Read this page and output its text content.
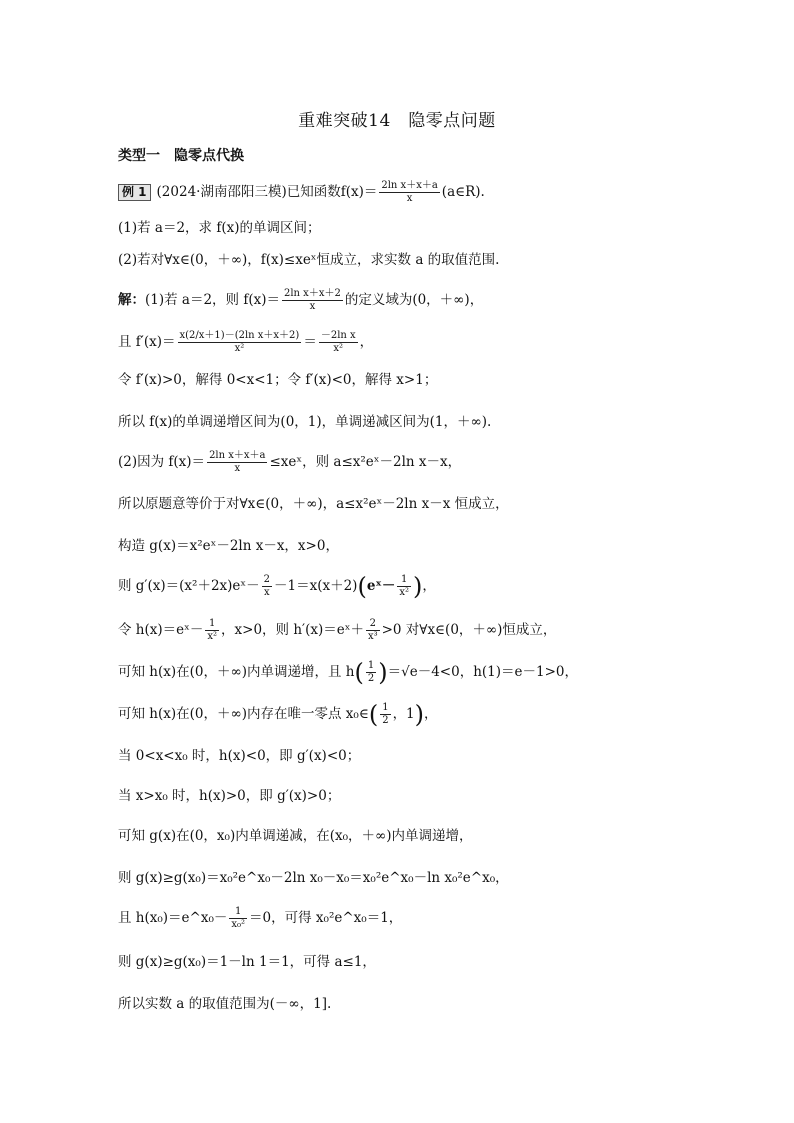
重难突破14　隐零点问题
类型一　隐零点代换
例 1 (2024·湖南邵阳三模)已知函数$f(x)= \frac{\text{2ln x＋x＋a}}{x}$ (a∈R).
(1)若 a＝2，求 f(x)的单调区间；
(2)若对∀x∈(0，＋∞)，f(x)≤xeˣ恒成立，求实数 a 的取值范围.
解：(1)若 a＝2，则 $f(x)= \frac{\text{2ln x＋x＋2}}{x}$ 的定义域为(0，＋∞)，
且 $f'(x)= \frac{\text{x(2/x＋1)－(2ln x＋x＋2)}}{\text{x²}} = \frac{\text{－2ln x}}{\text{x²}}$ ，
令 f′(x)>0，解得 0<x<1；令 f′(x)<0，解得 x>1；
所以 f(x)的单调递增区间为(0，1)，单调递减区间为(1，＋∞).
(2)因为 $f(x)= \frac{\text{2ln x＋x＋a}}{x}$ ≤xeˣ，则 a≤x²eˣ－2ln x－x，
所以原题意等价于对∀x∈(0，＋∞)，a≤x²eˣ－2ln x－x 恒成立，
构造 g(x)＝x²eˣ－2ln x－x，x>0，
则 g′(x)＝(x²＋2x)eˣ－ $\frac{2}{x}$ －1＝x(x＋2)(eˣ－ $\frac{1}{\text{x²}}$ )，
令 h(x)＝eˣ－ $\frac{1}{\text{x²}}$ ，x>0，则 h′(x)＝eˣ＋ $\frac{2}{\text{x³}} >0$ 对∀x∈(0，＋∞)恒成立，
可知 h(x)在(0，＋∞)内单调递增，且 $h( \frac{1}{2} )=√e-4<0$，h(1)＝e－1>0，
可知 h(x)在(0，＋∞)内存在唯一零点 x₀∈( $\frac{1}{2}$ ，1)，
当 0<x<x₀ 时，h(x)<0，即 g′(x)<0；
当 x>x₀ 时，h(x)>0，即 g′(x)>0；
可知 g(x)在(0，x₀)内单调递减，在(x₀，＋∞)内单调递增，
则 g(x)≥g(x₀)＝x₀²e^x₀－2ln x₀－x₀＝x₀²e^x₀－ln x₀²e^x₀，
且 h(x₀)＝e^x₀－ $\frac{1}{\text{x₀²}} =0$，可得 x₀²e^x₀＝1，
则 g(x)≥g(x₀)＝1－ln 1＝1，可得 a≤1，
所以实数 a 的取值范围为(－∞，1].
